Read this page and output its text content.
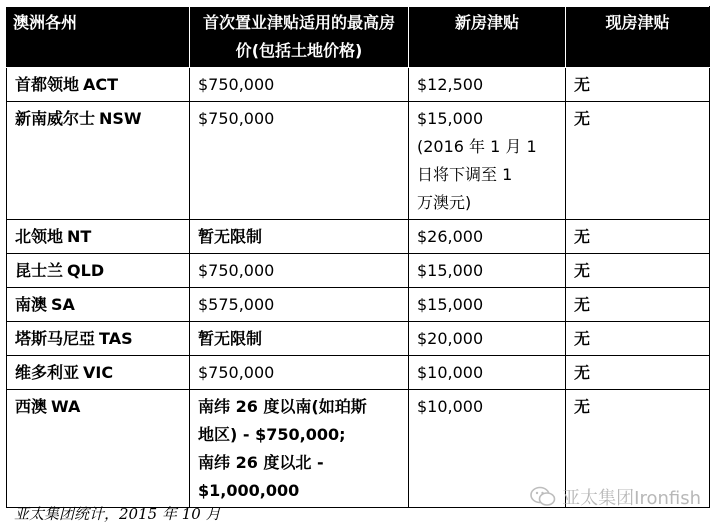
澳洲各州	首次置业津贴适用的最高房价(包括土地价格)	新房津贴	现房津贴
首都领地 ACT	$750,000	$12,500	无
新南威尔士 NSW	$750,000	$15,000
(2016 年 1 月 1
日将下调至 1
万澳元)	无
北领地 NT	暂无限制	$26,000	无
昆士兰 QLD	$750,000	$15,000	无
南澳 SA	$575,000	$15,000	无
塔斯马尼亞 TAS	暂无限制	$20,000	无
维多利亚 VIC	$750,000	$10,000	无
西澳 WA	南纬 26 度以南(如珀斯
地区) - $750,000;
南纬 26 度以北 -
$1,000,000	$10,000	无
亚太集团统计，2015 年 10 月
亚太集团Ironfish
